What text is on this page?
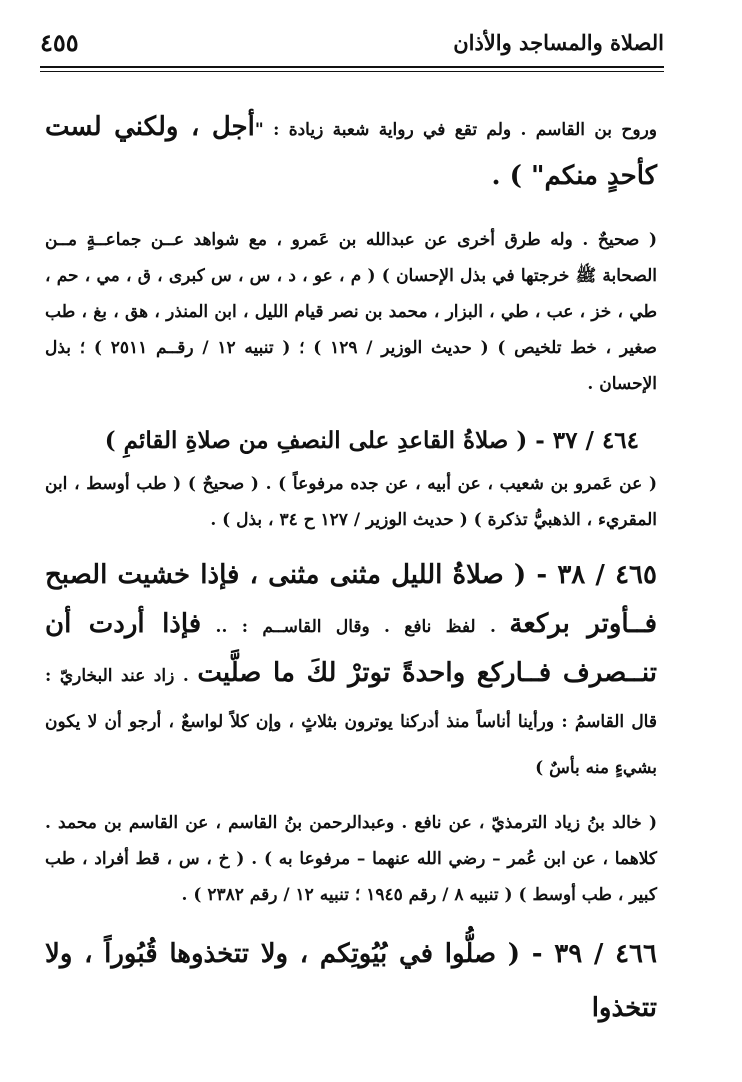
٤٥٥	الصلاة والمساجد والأذان

وروح بن القاسم . ولم تقع في رواية شعبة زيادة : "أجل ، ولكني لست كأحدٍ منكم" ) .

( صحيحٌ . وله طرق أخرى عن عبدالله بن عَمرو ، مع شواهد عــن جماعــةٍ مــن الصحابة ﷺ خرجتها في بذل الإحسان ) ( م ، عو ، د ، س ، س كبرى ، ق ، مي ، حم ، طي ، خز ، عب ، طي ، البزار ، محمد بن نصر قيام الليل ، ابن المنذر ، هق ، بغ ، طب صغير ، خط تلخيص ) ( حديث الوزير / ١٢٩ ) ؛ ( تنبيه ١٢ / رقــم ٢٥١١ ) ؛ بذل الإحسان .

٤٦٤ / ٣٧ - ( صلاةُ القاعدِ على النصفِ من صلاةِ القائمِ )

( عن عَمرو بن شعيب ، عن أبيه ، عن جده مرفوعاً ) . ( صحيحٌ ) ( طب أوسط ، ابن المقريء ، الذهبيُّ تذكرة ) ( حديث الوزير / ١٢٧ ح ٣٤ ، بذل ) .

٤٦٥ / ٣٨ - ( صلاةُ الليل مثنى مثنى ، فإذا خشيت الصبح فــأوتر بركعة . لفظ نافع . وقال القاســم : .. فإذا أردت أن تنــصرف فــاركع واحدةً توترْ لكَ ما صلَّيت . زاد عند البخاريّ : قال القاسمُ : ورأينا أناساً منذ أدركنا يوترون بثلاثٍ ، وإن كلاً لواسعٌ ، أرجو أن لا يكون بشيءٍ منه بأسٌ )

( خالد بنُ زياد الترمذيّ ، عن نافع . وعبدالرحمن بنُ القاسم ، عن القاسم بن محمد . كلاهما ، عن ابن عُمر – رضي الله عنهما – مرفوعا به ) . ( خ ، س ، قط أفراد ، طب كبير ، طب أوسط ) ( تنبيه ٨ / رقم ١٩٤٥ ؛ تنبيه ١٢ / رقم ٢٣٨٢ ) .

٤٦٦ / ٣٩ - ( صلُّوا في بُيُوتِكم ، ولا تتخذوها قُبُوراً ، ولا تتخذوا
